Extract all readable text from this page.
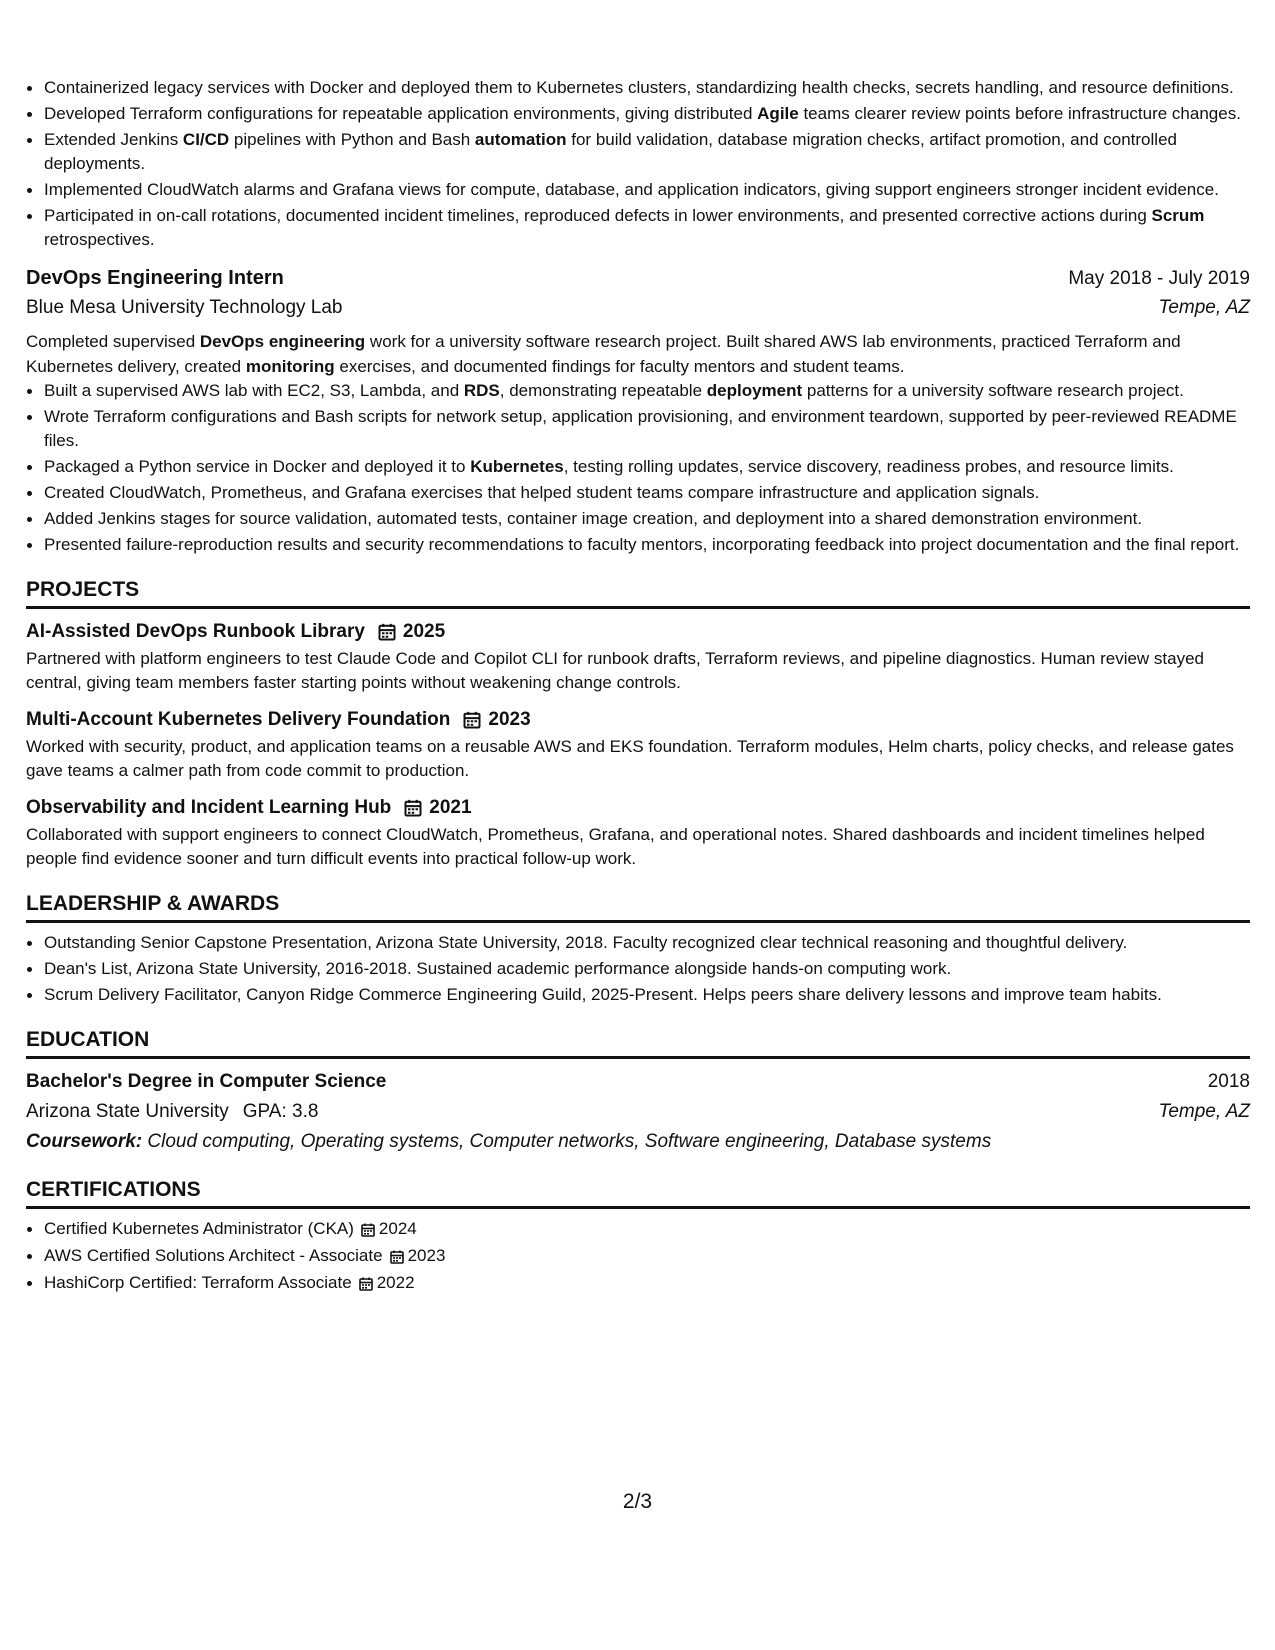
Containerized legacy services with Docker and deployed them to Kubernetes clusters, standardizing health checks, secrets handling, and resource definitions.
Developed Terraform configurations for repeatable application environments, giving distributed Agile teams clearer review points before infrastructure changes.
Extended Jenkins CI/CD pipelines with Python and Bash automation for build validation, database migration checks, artifact promotion, and controlled deployments.
Implemented CloudWatch alarms and Grafana views for compute, database, and application indicators, giving support engineers stronger incident evidence.
Participated in on-call rotations, documented incident timelines, reproduced defects in lower environments, and presented corrective actions during Scrum retrospectives.
DevOps Engineering Intern	May 2018 - July 2019
Blue Mesa University Technology Lab	Tempe, AZ

Completed supervised DevOps engineering work for a university software research project. Built shared AWS lab environments, practiced Terraform and Kubernetes delivery, created monitoring exercises, and documented findings for faculty mentors and student teams.

Built a supervised AWS lab with EC2, S3, Lambda, and RDS, demonstrating repeatable deployment patterns for a university software research project.
Wrote Terraform configurations and Bash scripts for network setup, application provisioning, and environment teardown, supported by peer-reviewed README files.
Packaged a Python service in Docker and deployed it to Kubernetes, testing rolling updates, service discovery, readiness probes, and resource limits.
Created CloudWatch, Prometheus, and Grafana exercises that helped student teams compare infrastructure and application signals.
Added Jenkins stages for source validation, automated tests, container image creation, and deployment into a shared demonstration environment.
Presented failure-reproduction results and security recommendations to faculty mentors, incorporating feedback into project documentation and the final report.
PROJECTS
AI-Assisted DevOps Runbook Library 2025

Partnered with platform engineers to test Claude Code and Copilot CLI for runbook drafts, Terraform reviews, and pipeline diagnostics. Human review stayed central, giving team members faster starting points without weakening change controls.

Multi-Account Kubernetes Delivery Foundation 2023

Worked with security, product, and application teams on a reusable AWS and EKS foundation. Terraform modules, Helm charts, policy checks, and release gates gave teams a calmer path from code commit to production.

Observability and Incident Learning Hub 2021

Collaborated with support engineers to connect CloudWatch, Prometheus, Grafana, and operational notes. Shared dashboards and incident timelines helped people find evidence sooner and turn difficult events into practical follow-up work.

LEADERSHIP & AWARDS
Outstanding Senior Capstone Presentation, Arizona State University, 2018. Faculty recognized clear technical reasoning and thoughtful delivery.
Dean's List, Arizona State University, 2016-2018. Sustained academic performance alongside hands-on computing work.
Scrum Delivery Facilitator, Canyon Ridge Commerce Engineering Guild, 2025-Present. Helps peers share delivery lessons and improve team habits.
EDUCATION
Bachelor's Degree in Computer Science	2018
Arizona State University GPA: 3.8	Tempe, AZ
Coursework: Cloud computing, Operating systems, Computer networks, Software engineering, Database systems
CERTIFICATIONS
Certified Kubernetes Administrator (CKA) 2024
AWS Certified Solutions Architect - Associate 2023
HashiCorp Certified: Terraform Associate 2022
2/3
